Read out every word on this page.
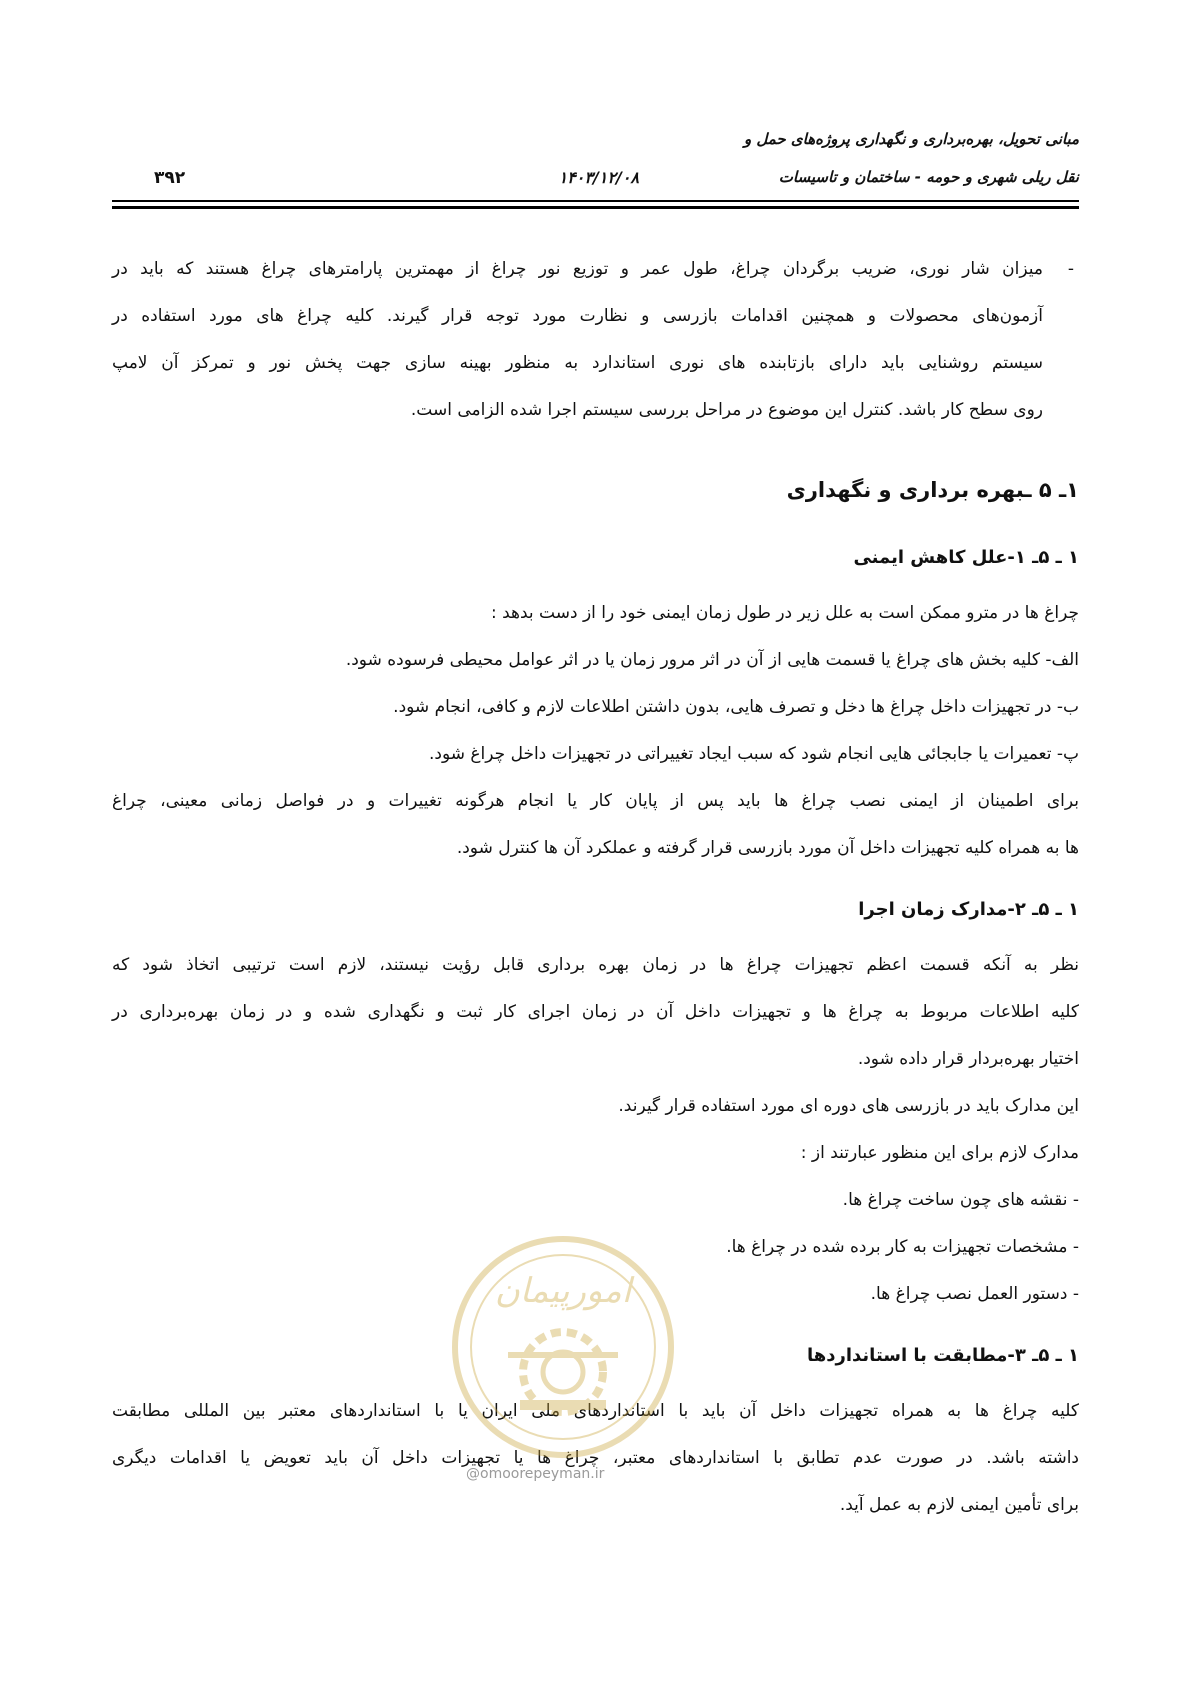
مبانی تحویل، بهره‌برداری و نگهداری پروژه‌های حمل و
نقل ریلی شهری و حومه - ساختمان و تاسیسات
۱۴۰۳/۱۲/۰۸
۳۹۲
-
میزان شار نوری، ضریب برگردان چراغ، طول عمر و توزیع نور چراغ از مهمترین پارامترهای چراغ هستند که باید در
آزمون‌های محصولات و همچنین اقدامات بازرسی و نظارت مورد توجه قرار گیرند. کلیه چراغ های مورد استفاده در
سیستم روشنایی باید دارای بازتابنده های نوری استاندارد به منظور بهینه سازی جهت پخش نور و تمرکز آن لامپ
روی سطح کار باشد. کنترل این موضوع در مراحل بررسی سیستم اجرا شده الزامی است.
۱ـ ۵ ـبهره برداری و نگهداری
۱ ـ ۵ـ ۱-علل کاهش ایمنی
چراغ ها در مترو ممکن است به علل زیر در طول زمان ایمنی خود را از دست بدهد :
الف- کلیه بخش های چراغ یا قسمت هایی از آن در اثر مرور زمان یا در اثر عوامل محیطی فرسوده شود.
ب- در تجهیزات داخل چراغ ها دخل و تصرف هایی، بدون داشتن اطلاعات لازم و کافی، انجام شود.
پ- تعمیرات یا جابجائی هایی انجام شود که سبب ایجاد تغییراتی در تجهیزات داخل چراغ شود.
برای اطمینان از ایمنی نصب چراغ ها باید پس از پایان کار یا انجام هرگونه تغییرات و در فواصل زمانی معینی، چراغ
ها به همراه کلیه تجهیزات داخل آن مورد بازرسی قرار گرفته و عملکرد آن ها کنترل شود.
۱ ـ ۵ـ ۲-مدارک زمان اجرا
نظر به آنکه قسمت اعظم تجهیزات چراغ ها در زمان بهره برداری قابل رؤیت نیستند، لازم است ترتیبی اتخاذ شود که
کلیه اطلاعات مربوط به چراغ ها و تجهیزات داخل آن در زمان اجرای کار ثبت و نگهداری شده و در زمان بهره‌برداری در
اختیار بهره‌بردار قرار داده شود.
این مدارک باید در بازرسی های دوره ای مورد استفاده قرار گیرند.
مدارک لازم برای این منظور عبارتند از :
- نقشه های چون ساخت چراغ ها.
- مشخصات تجهیزات به کار برده شده در چراغ ها.
- دستور العمل نصب چراغ ها.
۱ ـ ۵ـ ۳-مطابقت با استانداردها
کلیه چراغ ها به همراه تجهیزات داخل آن باید با استانداردهای ملی ایران یا با استانداردهای معتبر بین المللی مطابقت
داشته باشد. در صورت عدم تطابق با استانداردهای معتبر، چراغ ها یا تجهیزات داخل آن باید تعویض یا اقدامات دیگری
برای تأمین ایمنی لازم به عمل آید.
امورپیمان
@omoorepeyman.ir
